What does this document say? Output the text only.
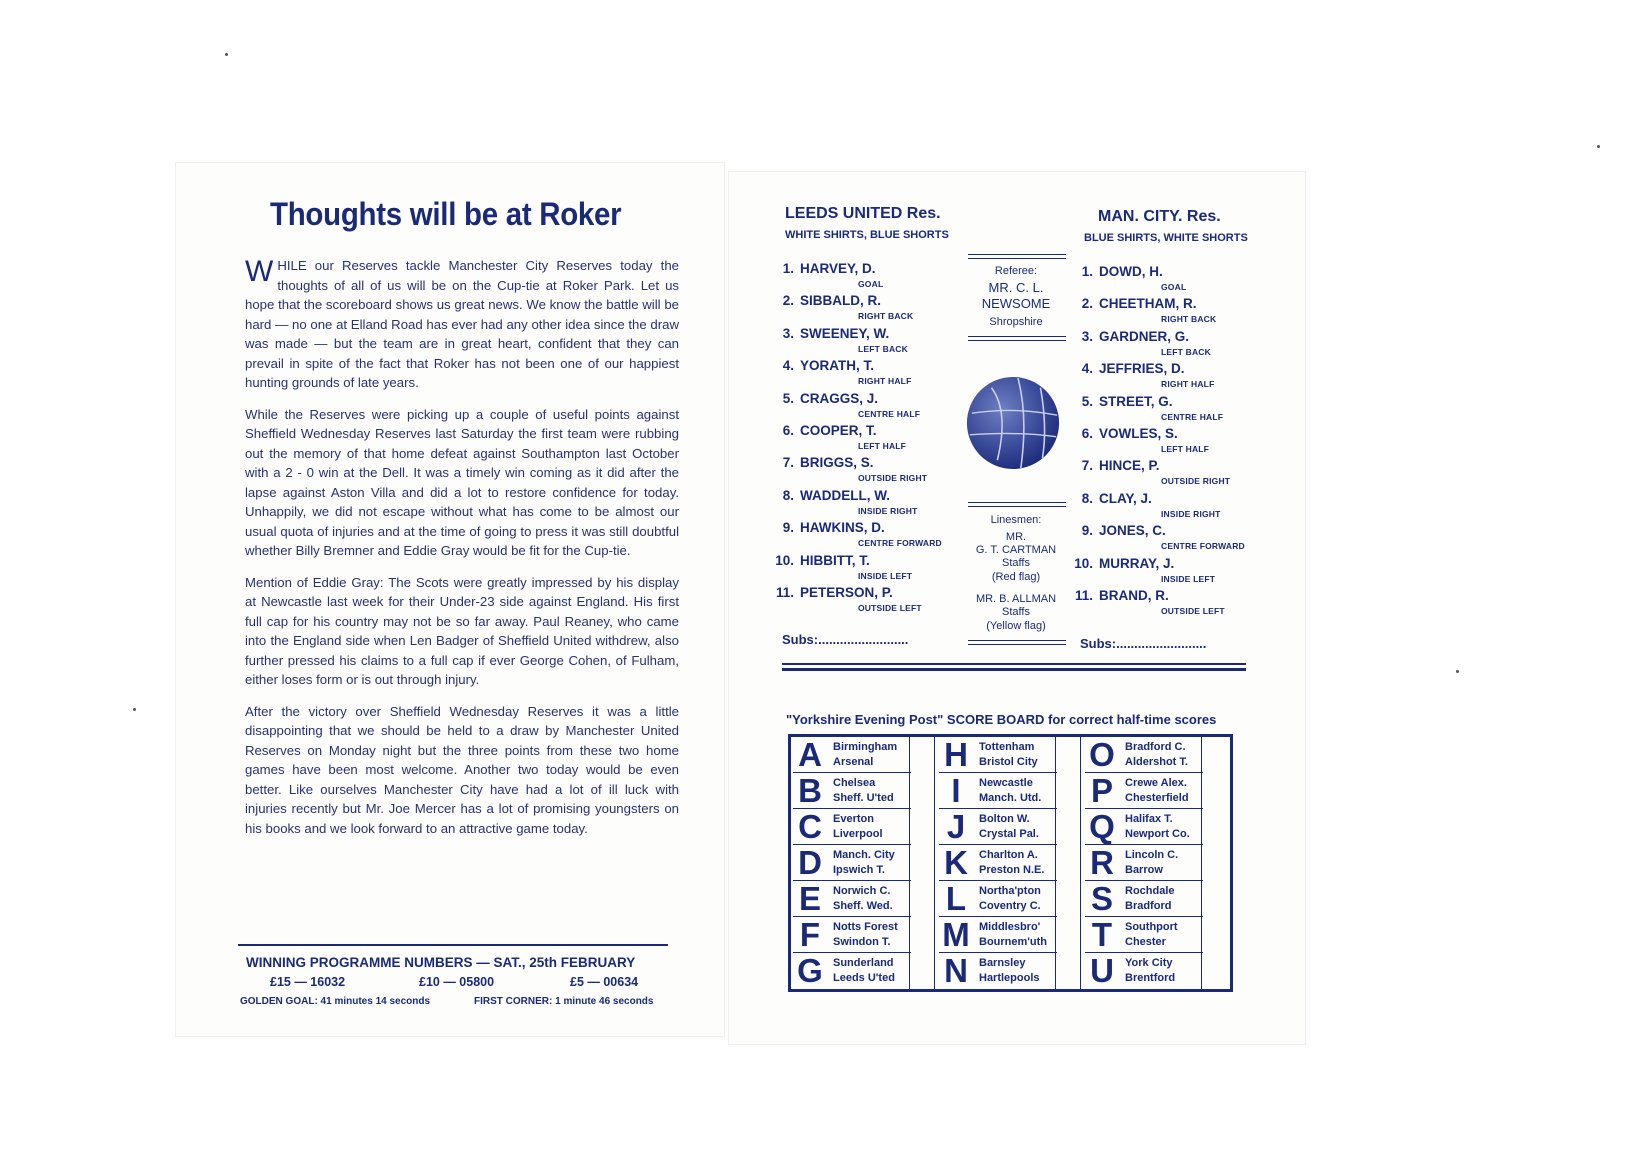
Thoughts will be at Roker

WHILE our Reserves tackle Manchester City Reserves today the thoughts of all of us will be on the Cup-tie at Roker Park. Let us hope that the scoreboard shows us great news. We know the battle will be hard — no one at Elland Road has ever had any other idea since the draw was made — but the team are in great heart, confident that they can prevail in spite of the fact that Roker has not been one of our happiest hunting grounds of late years.

While the Reserves were picking up a couple of useful points against Sheffield Wednesday Reserves last Saturday the first team were rubbing out the memory of that home defeat against Southampton last October with a 2 - 0 win at the Dell. It was a timely win coming as it did after the lapse against Aston Villa and did a lot to restore confidence for today. Unhappily, we did not escape without what has come to be almost our usual quota of injuries and at the time of going to press it was still doubtful whether Billy Bremner and Eddie Gray would be fit for the Cup-tie.

Mention of Eddie Gray: The Scots were greatly impressed by his display at Newcastle last week for their Under-23 side against England. His first full cap for his country may not be so far away. Paul Reaney, who came into the England side when Len Badger of Sheffield United withdrew, also further pressed his claims to a full cap if ever George Cohen, of Fulham, either loses form or is out through injury.

After the victory over Sheffield Wednesday Reserves it was a little disappointing that we should be held to a draw by Manchester United Reserves on Monday night but the three points from these two home games have been most welcome. Another two today would be even better. Like ourselves Manchester City have had a lot of ill luck with injuries recently but Mr. Joe Mercer has a lot of promising youngsters on his books and we look forward to an attractive game today.

WINNING PROGRAMME NUMBERS — SAT., 25th FEBRUARY
£15 — 16032	£10 — 05800	£5 — 00634
GOLDEN GOAL: 41 minutes 14 seconds	FIRST CORNER: 1 minute 46 seconds
LEEDS UNITED Res.
WHITE SHIRTS, BLUE SHORTS
MAN. CITY. Res.
BLUE SHIRTS, WHITE SHORTS
1. HARVEY, D.
GOAL
2. SIBBALD, R.
RIGHT BACK
3. SWEENEY, W.
LEFT BACK
4. YORATH, T.
RIGHT HALF
5. CRAGGS, J.
CENTRE HALF
6. COOPER, T.
LEFT HALF
7. BRIGGS, S.
OUTSIDE RIGHT
8. WADDELL, W.
INSIDE RIGHT
9. HAWKINS, D.
CENTRE FORWARD
10. HIBBITT, T.
INSIDE LEFT
11. PETERSON, P.
OUTSIDE LEFT
1. DOWD, H.
GOAL
2. CHEETHAM, R.
RIGHT BACK
3. GARDNER, G.
LEFT BACK
4. JEFFRIES, D.
RIGHT HALF
5. STREET, G.
CENTRE HALF
6. VOWLES, S.
LEFT HALF
7. HINCE, P.
OUTSIDE RIGHT
8. CLAY, J.
INSIDE RIGHT
9. JONES, C.
CENTRE FORWARD
10. MURRAY, J.
INSIDE LEFT
11. BRAND, R.
OUTSIDE LEFT
Subs:.........................	Subs:.........................
Referee:
MR. C. L.
NEWSOME
Shropshire
Linesmen:
MR.
G. T. CARTMAN
Staffs
(Red flag)
MR. B. ALLMAN
Staffs
(Yellow flag)
"Yorkshire Evening Post" SCORE BOARD for correct half-time scores
A Birmingham
Arsenal
B Chelsea
Sheff. U'ted
C Everton
Liverpool
D Manch. City
Ipswich T.
E	Norwich C.
Sheff. Wed.
F	Notts Forest
Swindon T.
G Sunderland
Leeds U'ted
H Tottenham
Bristol City
I	Newcastle
Manch. Utd.
J	Bolton W.
Crystal Pal.
K Charlton A.
Preston N.E.
L	Northa'pton
Coventry C.
M Middlesbro'
Bournem'uth
N Barnsley
Hartlepools
O Bradford C.
Aldershot T.
P	Crewe Alex.
Chesterfield
Q Halifax T.
Newport Co.
R Lincoln C.
Barrow
S	Rochdale
Bradford
T	Southport
Chester
U York City
Brentford
